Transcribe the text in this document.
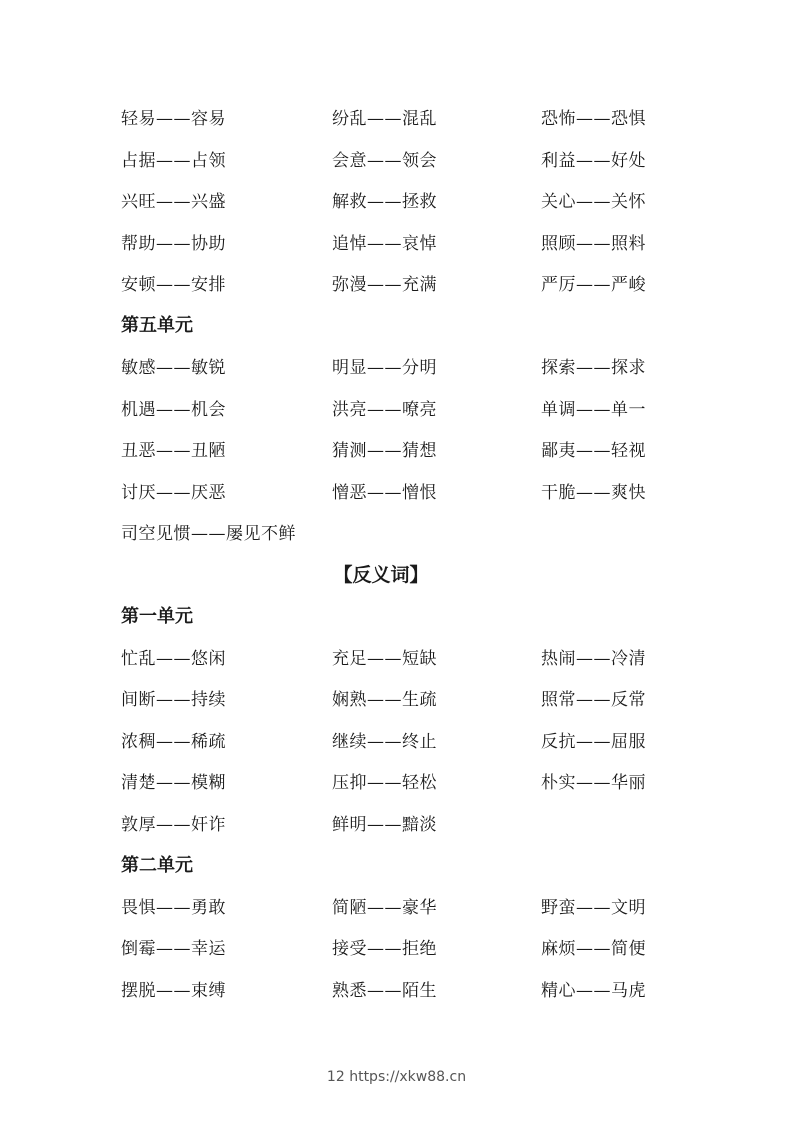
轻易——容易	纷乱——混乱	恐怖——恐惧
占据——占领	会意——领会	利益——好处
兴旺——兴盛	解救——拯救	关心——关怀
帮助——协助	追悼——哀悼	照顾——照料
安顿——安排	弥漫——充满	严厉——严峻
第五单元
敏感——敏锐	明显——分明	探索——探求
机遇——机会	洪亮——嘹亮	单调——单一
丑恶——丑陋	猜测——猜想	鄙夷——轻视
讨厌——厌恶	憎恶——憎恨	干脆——爽快
司空见惯——屡见不鲜
【反义词】
第一单元
忙乱——悠闲	充足——短缺	热闹——冷清
间断——持续	娴熟——生疏	照常——反常
浓稠——稀疏	继续——终止	反抗——屈服
清楚——模糊	压抑——轻松	朴实——华丽
敦厚——奸诈	鲜明——黯淡
第二单元
畏惧——勇敢	简陋——豪华	野蛮——文明
倒霉——幸运	接受——拒绝	麻烦——简便
摆脱——束缚	熟悉——陌生	精心——马虎
12 https://xkw88.cn
